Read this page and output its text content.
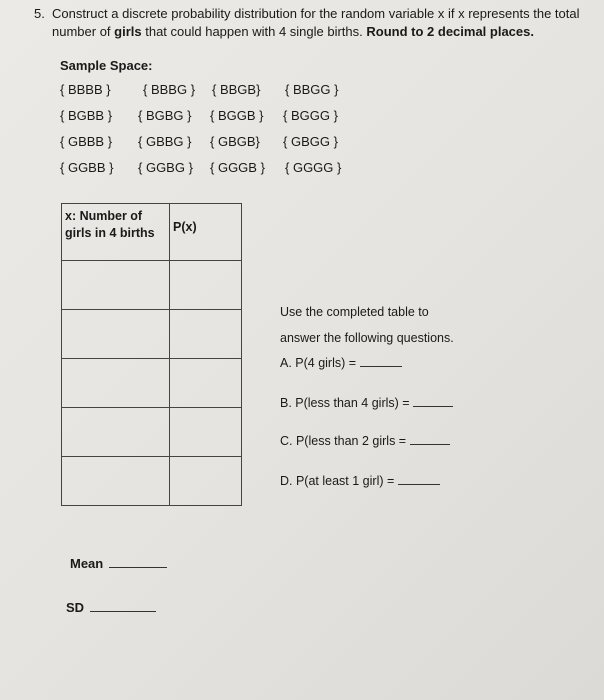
5. Construct a discrete probability distribution for the random variable x if x represents the total
number of girls that could happen with 4 single births. Round to 2 decimal places.
Sample Space:
{ BBBB } { BBBG } { BBGB} { BBGG }
{ BGBB } { BGBG } { BGGB } { BGGG }
{ GBBB } { GBBG } { GBGB} { GBGG }
{ GGBB } { GGBG } { GGGB } { GGGG }
x: Number of
girls in 4 births	P(x)

Use the completed table to
answer the following questions.
A. P(4 girls) =
B. P(less than 4 girls) =
C. P(less than 2 girls =
D. P(at least 1 girl) =
Mean
SD
